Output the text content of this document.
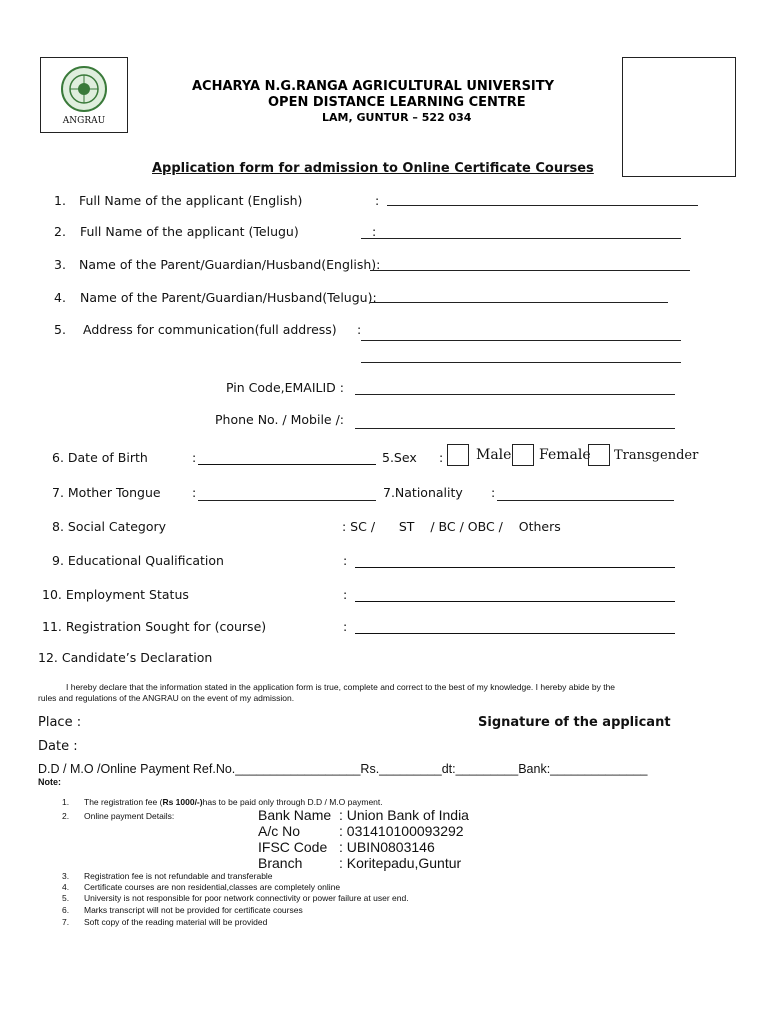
ANGRAU
ACHARYA N.G.RANGA AGRICULTURAL UNIVERSITY
OPEN DISTANCE LEARNING CENTRE
LAM, GUNTUR – 522 034
Application form for admission to Online Certificate Courses
1. Full Name of the applicant (English)	:
2. Full Name of the applicant (Telugu)	:
3. Name of the Parent/Guardian/Husband(English):
4. Name of the Parent/Guardian/Husband(Telugu):
5. Address for communication(full address) :
Pin Code,EMAILID :
Phone No. / Mobile /:
6. Date of Birth	:	5.Sex : Male Female Transgender
7. Mother Tongue	:	7.Nationality :
8. Social Category	: SC /      ST    / BC / OBC /    Others
9. Educational Qualification	:
10. Employment Status	:
11. Registration Sought for (course)	:
12. Candidate’s Declaration
I hereby declare that the information stated in the application form is true, complete and correct to the best of my knowledge. I hereby abide by the
rules and regulations of the ANGRAU on the event of my admission.
Place :	Signature of the applicant
Date :
D.D / M.O /Online Payment Ref.No.__________________Rs._________dt:_________Bank:______________
Note:
1. The registration fee (Rs 1000/-)has to be paid only through D.D / M.O payment.
2. Online payment Details:	Bank Name : Union Bank of India
A/c No	: 031410100093292
IFSC Code : UBIN0803146
Branch	: Koritepadu,Guntur
3. Registration fee is not refundable and transferable
4. Certificate courses are non residential,classes are completely online
5. University is not responsible for poor network connectivity or power failure at user end.
6. Marks transcript will not be provided for certificate courses
7. Soft copy of the reading material will be provided
